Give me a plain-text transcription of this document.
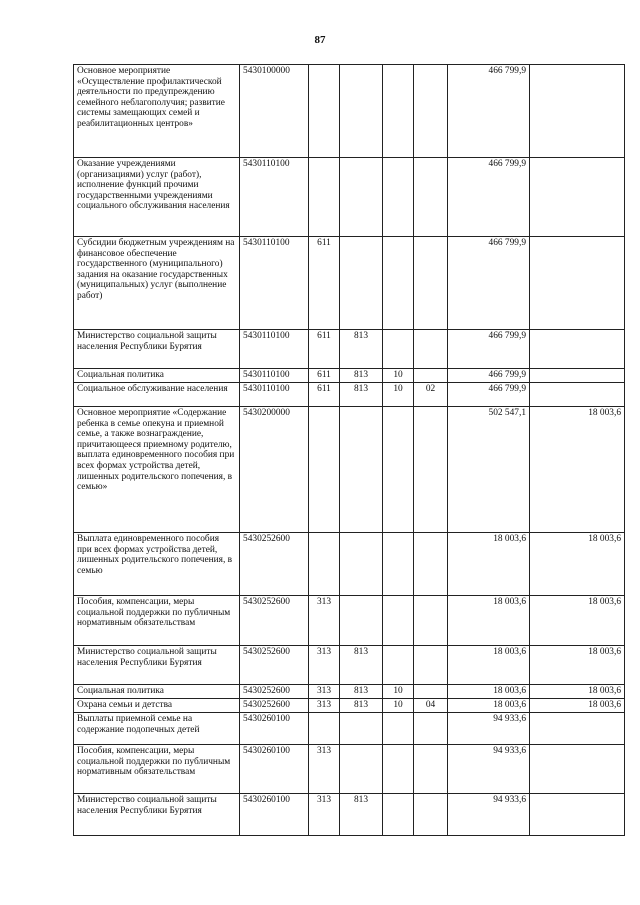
87
Основное мероприятие «Осуществление профилактической деятельности по предупреждению семейного неблагополучия; развитие системы замещающих семей и реабилитационных центров»	5430100000					466 799,9	
Оказание учреждениями (организациями) услуг (работ), исполнение функций прочими государственными учреждениями социального обслуживания населения	5430110100					466 799,9	
Субсидии бюджетным учреждениям на финансовое обеспечение государственного (муниципального) задания на оказание государственных (муниципальных) услуг (выполнение работ)	5430110100	611				466 799,9	
Министерство социальной защиты населения Республики Бурятия	5430110100	611	813			466 799,9	
Социальная политика	5430110100	611	813	10		466 799,9	
Социальное обслуживание населения	5430110100	611	813	10	02	466 799,9	
Основное мероприятие «Содержание ребенка в семье опекуна и приемной семье, а также вознаграждение, причитающееся приемному родителю, выплата единовременного пособия при всех формах устройства детей, лишенных родительского попечения, в семью»	5430200000					502 547,1	18 003,6
Выплата единовременного пособия при всех формах устройства детей, лишенных родительского попечения, в семью	5430252600					18 003,6	18 003,6
Пособия, компенсации, меры социальной поддержки по публичным нормативным обязательствам	5430252600	313				18 003,6	18 003,6
Министерство социальной защиты населения Республики Бурятия	5430252600	313	813			18 003,6	18 003,6
Социальная политика	5430252600	313	813	10		18 003,6	18 003,6
Охрана семьи и детства	5430252600	313	813	10	04	18 003,6	18 003,6
Выплаты приемной семье на содержание подопечных детей	5430260100					94 933,6	
Пособия, компенсации, меры социальной поддержки по публичным нормативным обязательствам	5430260100	313				94 933,6	
Министерство социальной защиты населения Республики Бурятия	5430260100	313	813			94 933,6	
